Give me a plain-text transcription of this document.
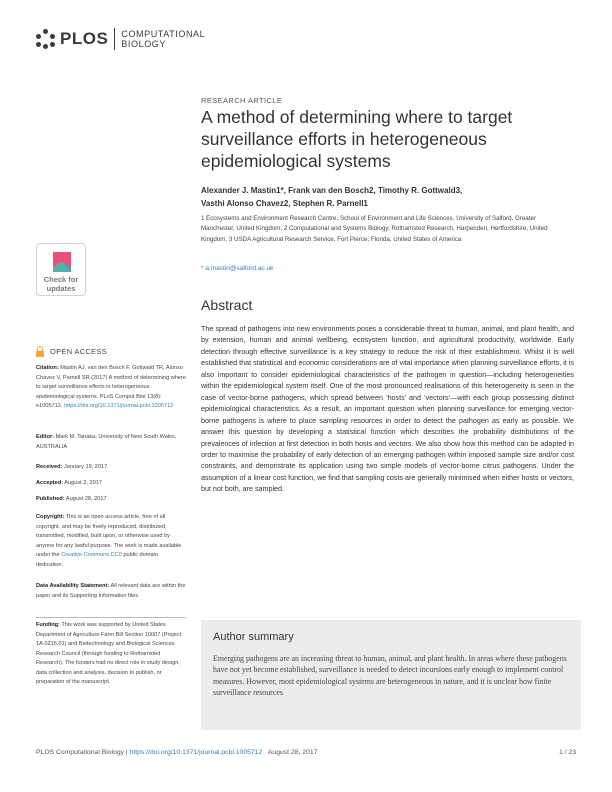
PLOS COMPUTATIONAL
BIOLOGY
Check for
updates
OPEN ACCESS
Citation: Mastin AJ, van den Bosch F, Gottwald TR, Alonso Chavez V, Parnell SR (2017) A method of determining where to target surveillance efforts in heterogeneous epidemiological systems. PLoS Comput Biol 13(8): e1005712. https://doi.org/10.1371/journal.pcbi.1005712
Editor: Mark M. Tanaka, University of New South Wales, AUSTRALIA
Received: January 19, 2017
Accepted: August 2, 2017
Published: August 28, 2017
Copyright: This is an open access article, free of all copyright, and may be freely reproduced, distributed, transmitted, modified, built upon, or otherwise used by anyone for any lawful purpose. The work is made available under the Creative Commons CC0 public domain dedication.
Data Availability Statement: All relevant data are within the paper and its Supporting Information files.
Funding: This work was supported by United States Department of Agriculture Farm Bill Section 10007 (Project 1A.0215.01) and Biotechnology and Biological Sciences Research Council (through funding to Rothamsted Research). The funders had no direct role in study design, data collection and analysis, decision to publish, or preparation of the manuscript.
RESEARCH ARTICLE
A method of determining where to target
surveillance efforts in heterogeneous
epidemiological systems
Alexander J. Mastin1*, Frank van den Bosch2, Timothy R. Gottwald3,
Vasthi Alonso Chavez2, Stephen R. Parnell1
1 Ecosystems and Environment Research Centre, School of Environment and Life Sciences, University of Salford, Greater Manchester, United Kingdom, 2 Computational and Systems Biology, Rothamsted Research, Harpenden, Hertfordshire, United Kingdom, 3 USDA Agricultural Research Service, Fort Pierce, Florida, United States of America
* a.mastin@salford.ac.uk
Abstract
The spread of pathogens into new environments poses a considerable threat to human, animal, and plant health, and by extension, human and animal wellbeing, ecosystem function, and agricultural productivity, worldwide. Early detection through effective surveillance is a key strategy to reduce the risk of their establishment. Whilst it is well established that statistical and economic considerations are of vital importance when planning surveillance efforts, it is also important to consider epidemiological characteristics of the pathogen in question—including heterogeneities within the epidemiological system itself. One of the most pronounced realisations of this heterogeneity is seen in the case of vector-borne pathogens, which spread between ‘hosts’ and ‘vectors’—with each group possessing distinct epidemiological characteristics. As a result, an important question when planning surveillance for emerging vector-borne pathogens is where to place sampling resources in order to detect the pathogen as early as possible. We answer this question by developing a statistical function which describes the probability distributions of the prevalences of infection at first detection in both hosts and vectors. We also show how this method can be adapted in order to maximise the probability of early detection of an emerging pathogen within imposed sample size and/or cost constraints, and demonstrate its application using two simple models of vector-borne citrus pathogens. Under the assumption of a linear cost function, we find that sampling costs are generally minimised when either hosts or vectors, but not both, are sampled.
Author summary
Emerging pathogens are an increasing threat to human, animal, and plant health. In areas where these pathogens have not yet become established, surveillance is needed to detect incursions early enough to implement control measures. However, most epidemiological systems are heterogeneous in nature, and it is unclear how finite surveillance resources
PLOS Computational Biology | https://doi.org/10.1371/journal.pcbi.1005712 August 28, 2017	1 / 23
